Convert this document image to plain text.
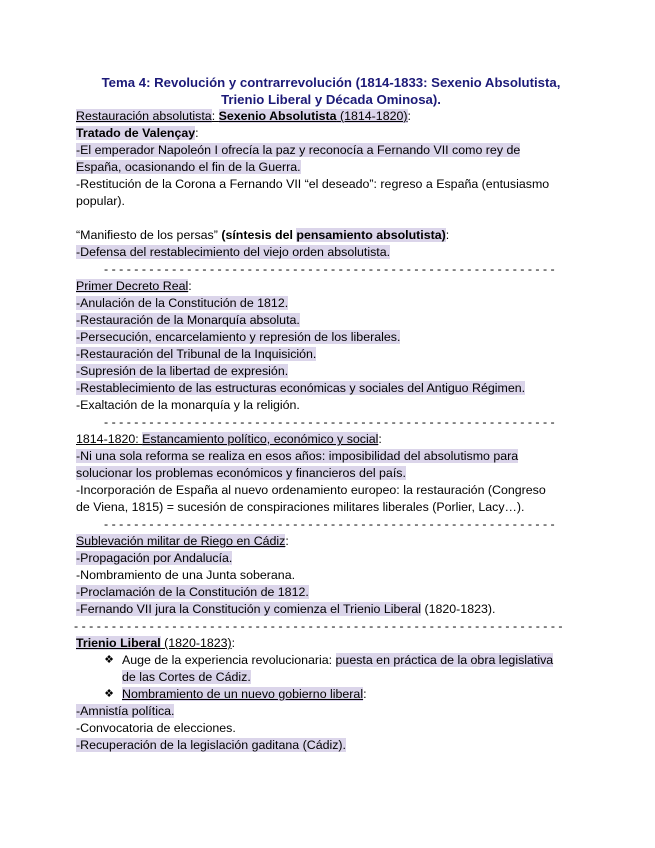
Tema 4: Revolución y contrarrevolución (1814-1833: Sexenio Absolutista,
Trienio Liberal y Década Ominosa).
Restauración absolutista: Sexenio Absolutista (1814-1820):
Tratado de Valençay:
-El emperador Napoleón I ofrecía la paz y reconocía a Fernando VII como rey de
España, ocasionando el fin de la Guerra.
-Restitución de la Corona a Fernando VII “el deseado”: regreso a España (entusiasmo
popular).
“Manifiesto de los persas” (síntesis del pensamiento absolutista):
-Defensa del restablecimiento del viejo orden absolutista.
- - - - - - - - - - - - - - - - - - - - - - - - - - - - - - - - - - - - - - - - - - - - - - - - - - - - - - - - - - - -
Primer Decreto Real:
-Anulación de la Constitución de 1812.
-Restauración de la Monarquía absoluta.
-Persecución, encarcelamiento y represión de los liberales.
-Restauración del Tribunal de la Inquisición.
-Supresión de la libertad de expresión.
-Restablecimiento de las estructuras económicas y sociales del Antiguo Régimen.
-Exaltación de la monarquía y la religión.
- - - - - - - - - - - - - - - - - - - - - - - - - - - - - - - - - - - - - - - - - - - - - - - - - - - - - - - - - - - -
1814-1820: Estancamiento político, económico y social:
-Ni una sola reforma se realiza en esos años: imposibilidad del absolutismo para
solucionar los problemas económicos y financieros del país.
-Incorporación de España al nuevo ordenamiento europeo: la restauración (Congreso
de Viena, 1815) = sucesión de conspiraciones militares liberales (Porlier, Lacy…).
- - - - - - - - - - - - - - - - - - - - - - - - - - - - - - - - - - - - - - - - - - - - - - - - - - - - - - - - - - - -
Sublevación militar de Riego en Cádiz:
-Propagación por Andalucía.
-Nombramiento de una Junta soberana.
-Proclamación de la Constitución de 1812.
-Fernando VII jura la Constitución y comienza el Trienio Liberal (1820-1823).
- - - - - - - - - - - - - - - - - - - - - - - - - - - - - - - - - - - - - - - - - - - - - - - - - - - - - - - - - - - - - - - - -
Trienio Liberal (1820-1823):
❖ Auge de la experiencia revolucionaria: puesta en práctica de la obra legislativa
de las Cortes de Cádiz.
❖ Nombramiento de un nuevo gobierno liberal:
-Amnistía política.
-Convocatoria de elecciones.
-Recuperación de la legislación gaditana (Cádiz).
